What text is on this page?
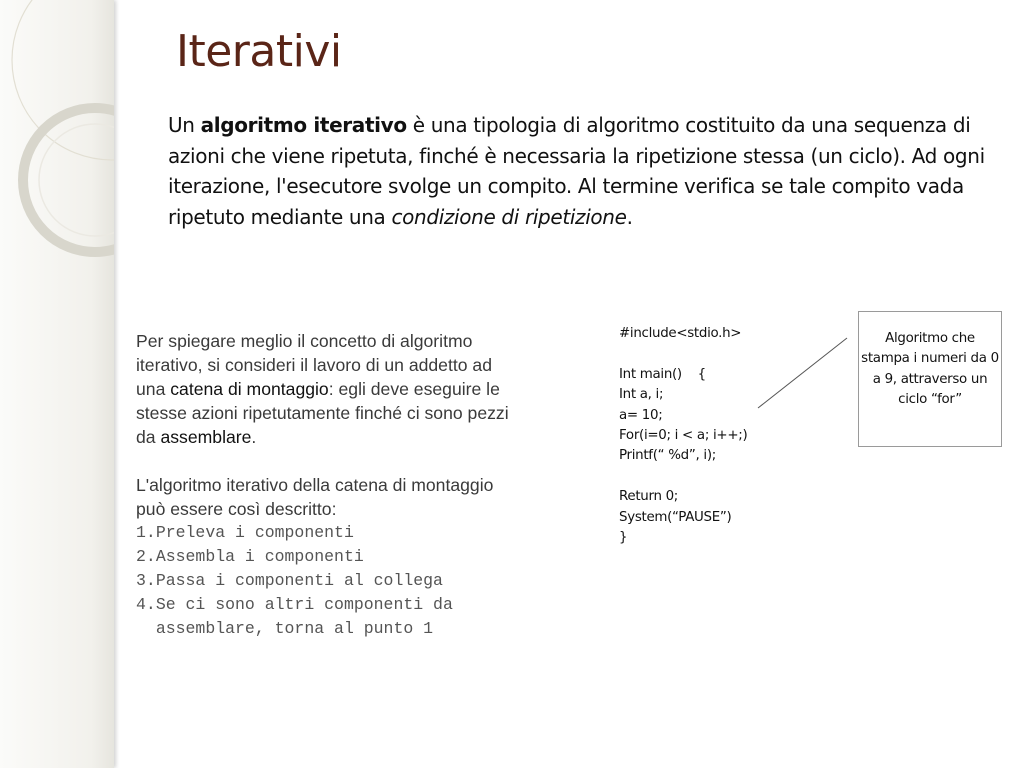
Iterativi

Un algoritmo iterativo è una tipologia di algoritmo costituito da una sequenza di azioni che viene ripetuta, finché è necessaria la ripetizione stessa (un ciclo). Ad ogni iterazione, l'esecutore svolge un compito. Al termine verifica se tale compito vada ripetuto mediante una condizione di ripetizione.

Per spiegare meglio il concetto di algoritmo iterativo, si consideri il lavoro di un addetto ad una catena di montaggio: egli deve eseguire le stesse azioni ripetutamente finché ci sono pezzi da assemblare.

L'algoritmo iterativo della catena di montaggio può essere così descritto:

1. Preleva i componenti
2. Assembla i componenti
3. Passa i componenti al collega
4. Se ci sono altri componenti da assemblare, torna al punto 1
#include<stdio.h>
Int main()    {
Int a, i;
a= 10;
For(i=0; i < a; i++;)
Printf(“ %d”, i);
Return 0;
System(“PAUSE”)
}
Algoritmo che stampa i numeri da 0 a 9, attraverso un ciclo “for”
